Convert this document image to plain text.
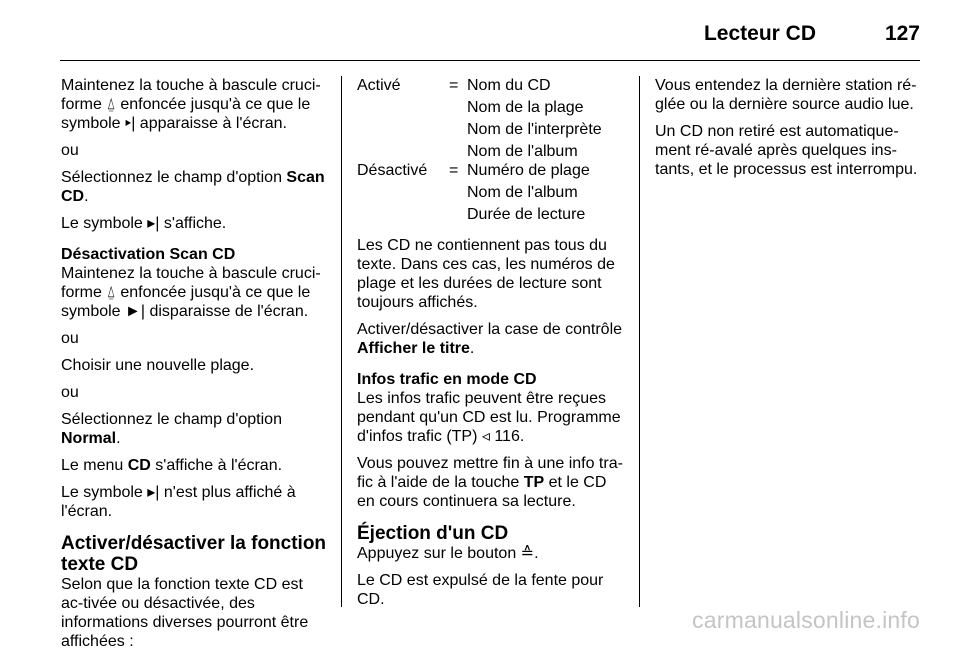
Lecteur CD	127

Maintenez la touche à bascule cruci-forme ⍙ enfoncée jusqu'à ce que le symbole ▸| apparaisse à l'écran.

ou

Sélectionnez le champ d'option Scan CD.

Le symbole ▸| s'affiche.

Désactivation Scan CD

Maintenez la touche à bascule cruci-forme ⍙ enfoncée jusqu'à ce que le symbole ►| disparaisse de l'écran.

ou

Choisir une nouvelle plage.

ou

Sélectionnez le champ d'option Normal.

Le menu CD s'affiche à l'écran.

Le symbole ▸| n'est plus affiché à l'écran.

Activer/désactiver la fonction texte CD

Selon que la fonction texte CD est ac-tivée ou désactivée, des informations diverses pourront être affichées :

Activé	= Nom du CD
Nom de la plage
Nom de l'interprète
Nom de l'album
Désactivé	= Numéro de plage
Nom de l'album
Durée de lecture

Les CD ne contiennent pas tous du texte. Dans ces cas, les numéros de plage et les durées de lecture sont toujours affichés.

Activer/désactiver la case de contrôle Afficher le titre.

Infos trafic en mode CD

Les infos trafic peuvent être reçues pendant qu'un CD est lu. Programme d'infos trafic (TP) ◃ 116.

Vous pouvez mettre fin à une info tra-fic à l'aide de la touche TP et le CD en cours continuera sa lecture.

Éjection d'un CD

Appuyez sur le bouton ≙.

Le CD est expulsé de la fente pour CD.

Vous entendez la dernière station ré-glée ou la dernière source audio lue.

Un CD non retiré est automatique-ment ré-avalé après quelques ins-tants, et le processus est interrompu.

carmanualsonline.info
